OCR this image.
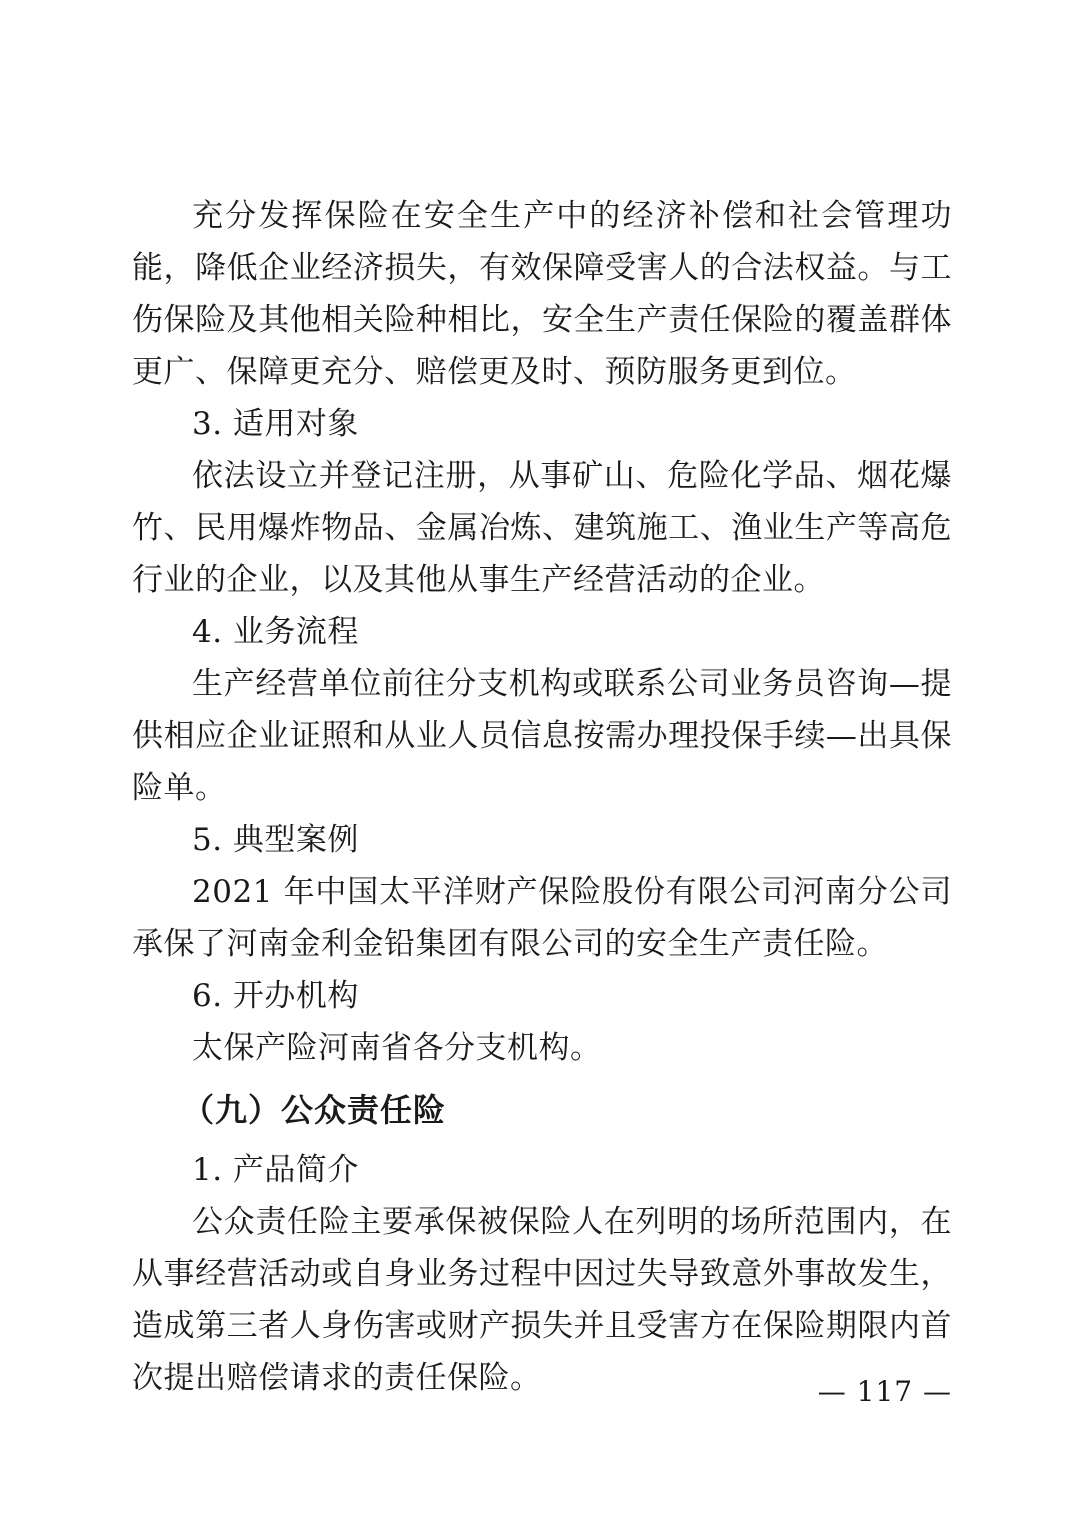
充分发挥保险在安全生产中的经济补偿和社会管理功能，降低企业经济损失，有效保障受害人的合法权益。与工伤保险及其他相关险种相比，安全生产责任保险的覆盖群体更广、保障更充分、赔偿更及时、预防服务更到位。

3. 适用对象

依法设立并登记注册，从事矿山、危险化学品、烟花爆竹、民用爆炸物品、金属冶炼、建筑施工、渔业生产等高危行业的企业，以及其他从事生产经营活动的企业。

4. 业务流程

生产经营单位前往分支机构或联系公司业务员咨询—提供相应企业证照和从业人员信息按需办理投保手续—出具保险单。

5. 典型案例

2021 年中国太平洋财产保险股份有限公司河南分公司承保了河南金利金铅集团有限公司的安全生产责任险。

6. 开办机构

太保产险河南省各分支机构。

（九）公众责任险

1. 产品简介

公众责任险主要承保被保险人在列明的场所范围内，在从事经营活动或自身业务过程中因过失导致意外事故发生，造成第三者人身伤害或财产损失并且受害方在保险期限内首次提出赔偿请求的责任保险。	— 117 —
